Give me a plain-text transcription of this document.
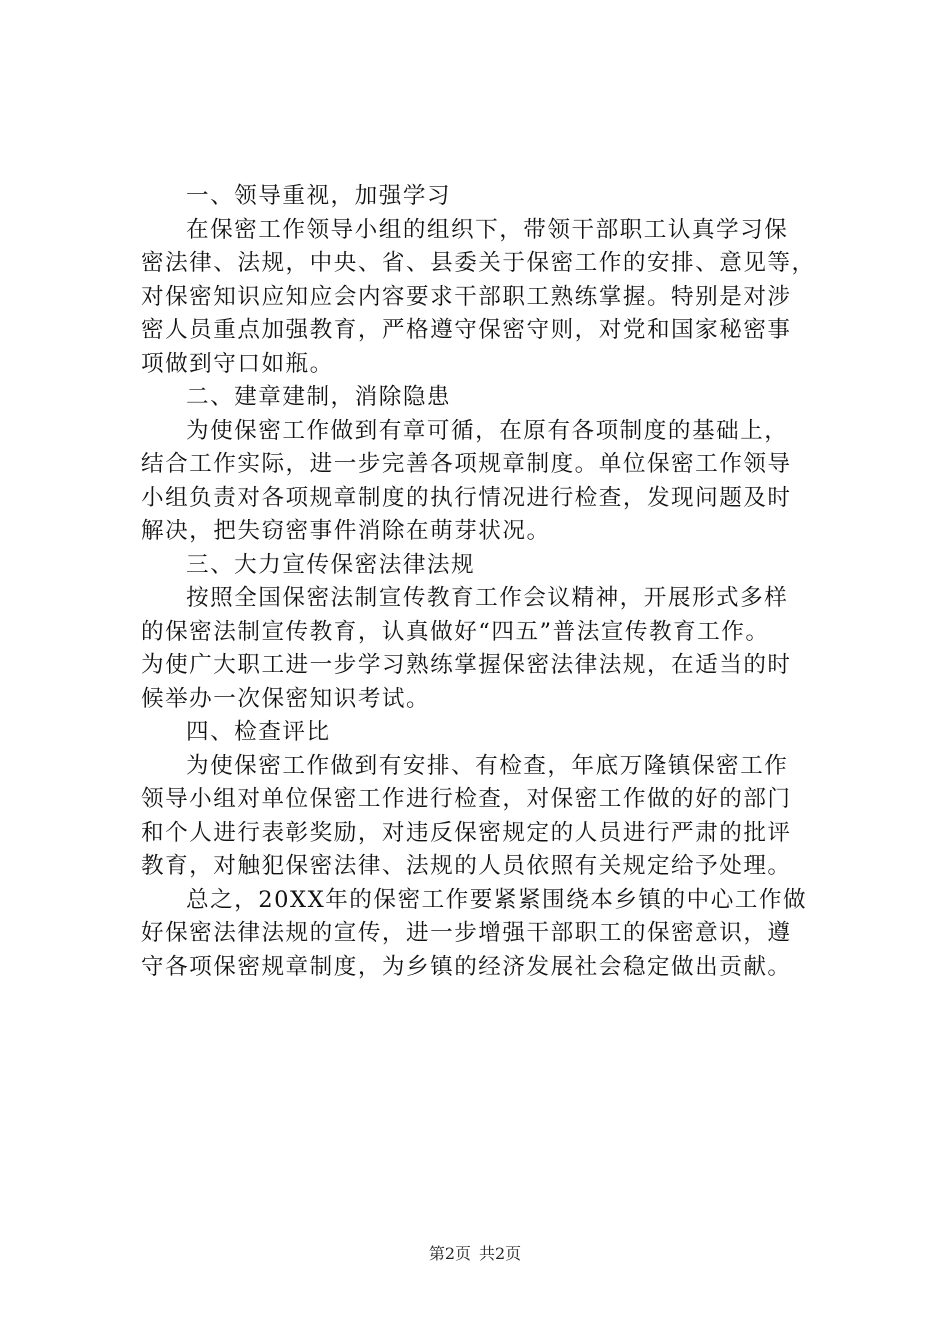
一、领导重视，加强学习
在保密工作领导小组的组织下，带领干部职工认真学习保
密法律、法规，中央、省、县委关于保密工作的安排、意见等，
对保密知识应知应会内容要求干部职工熟练掌握。特别是对涉
密人员重点加强教育，严格遵守保密守则，对党和国家秘密事
项做到守口如瓶。
二、建章建制，消除隐患
为使保密工作做到有章可循，在原有各项制度的基础上，
结合工作实际，进一步完善各项规章制度。单位保密工作领导
小组负责对各项规章制度的执行情况进行检查，发现问题及时
解决，把失窃密事件消除在萌芽状况。
三、大力宣传保密法律法规
按照全国保密法制宣传教育工作会议精神，开展形式多样
的保密法制宣传教育，认真做好“四五”普法宣传教育工作。
为使广大职工进一步学习熟练掌握保密法律法规，在适当的时
候举办一次保密知识考试。
四、检查评比
为使保密工作做到有安排、有检查，年底万隆镇保密工作
领导小组对单位保密工作进行检查，对保密工作做的好的部门
和个人进行表彰奖励，对违反保密规定的人员进行严肃的批评
教育，对触犯保密法律、法规的人员依照有关规定给予处理。
总之，20XX年的保密工作要紧紧围绕本乡镇的中心工作做
好保密法律法规的宣传，进一步增强干部职工的保密意识，遵
守各项保密规章制度，为乡镇的经济发展社会稳定做出贡献。
第2页 共2页
